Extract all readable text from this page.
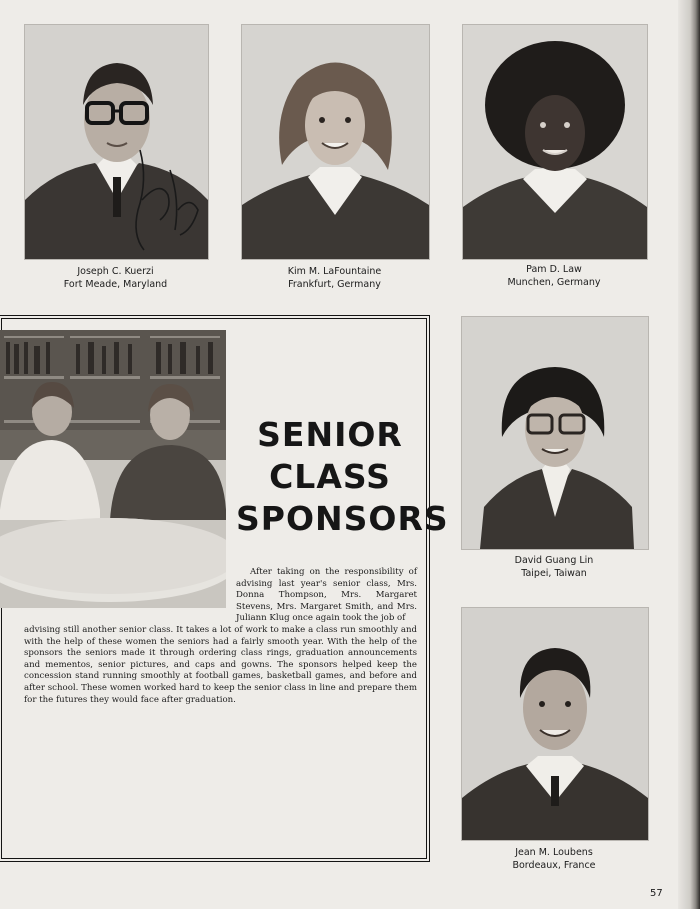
Joseph C. Kuerzi
Fort Meade, Maryland
Kim M. LaFountaine
Frankfurt, Germany
Pam D. Law
Munchen, Germany
SENIOR
CLASS
SPONSORS
After taking on the responsibility of advising last year's senior class, Mrs. Donna Thompson, Mrs. Margaret Stevens, Mrs. Margaret Smith, and Mrs. Juliann Klug once again took the job of
advising still another senior class. It takes a lot of work to make a class run smoothly and with the help of these women the seniors had a fairly smooth year. With the help of the sponsors the seniors made it through ordering class rings, graduation announcements and mementos, senior pictures, and caps and gowns. The sponsors helped keep the concession stand running smoothly at football games, basketball games, and before and after school. These women worked hard to keep the senior class in line and prepare them for the futures they would face after graduation.
David Guang Lin
Taipei, Taiwan
Jean M. Loubens
Bordeaux, France
57
